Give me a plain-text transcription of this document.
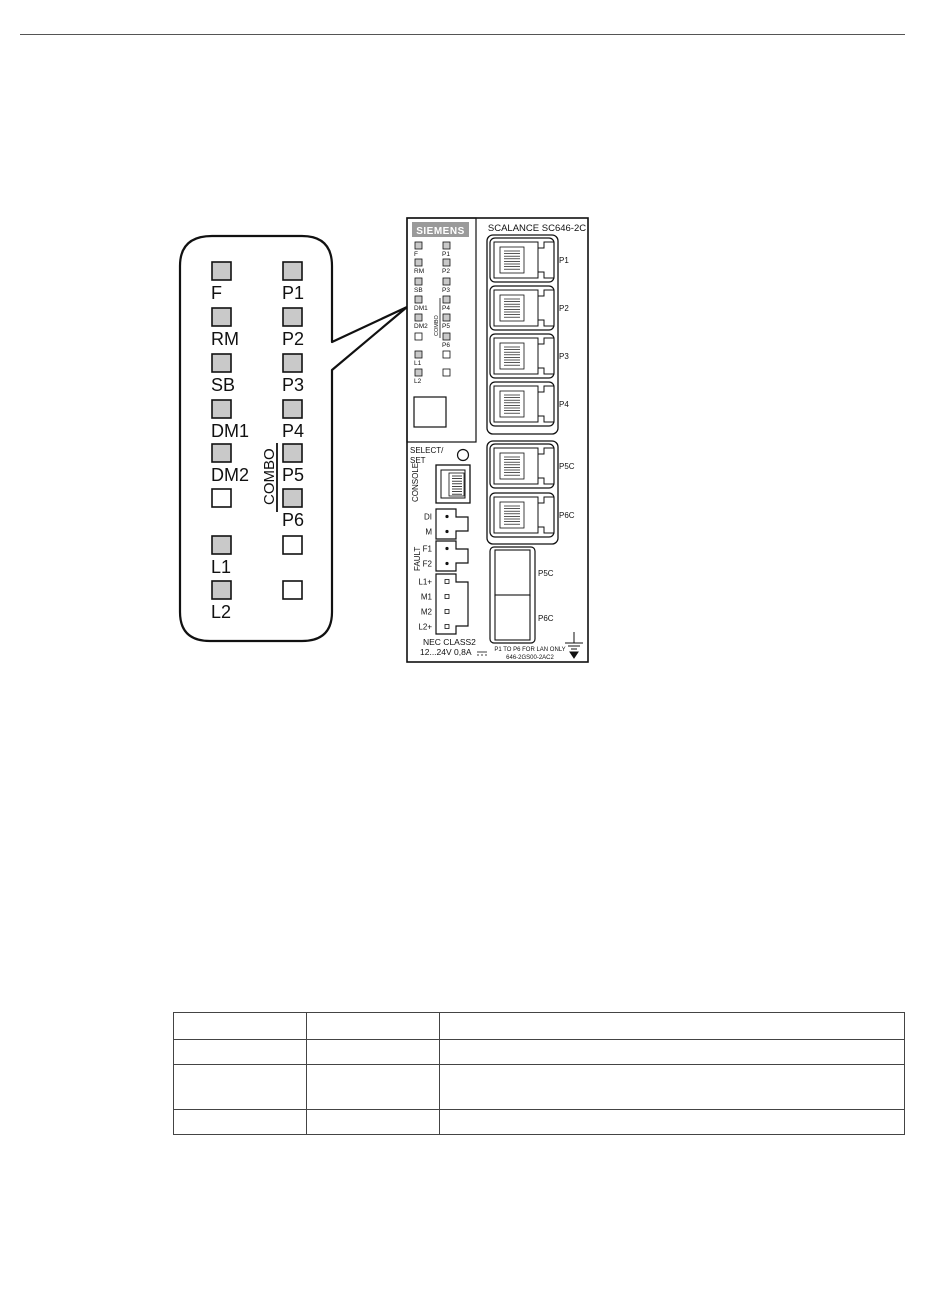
F
RM
SB
DM1
DM2
L1
L2
P1
P2
P3
P4
P5
P6
COMBO
SIEMENS SCALANCE SC646-2C
F
RM
SB
DM1
DM2
L1
L2
P1
P2
P3
P4
P5
P6
COMBO
SELECT/
SET
CONSOLE
DI
M
F1
F2
L1+
M1
M2
L2+
FAULT
NEC CLASS2
12...24V 0,8A	P1 TO P6 FOR LAN ONLY
646-2GS00-2AC2
P1
P2
P3
P4
P5C
P6C
P5C
P6C
